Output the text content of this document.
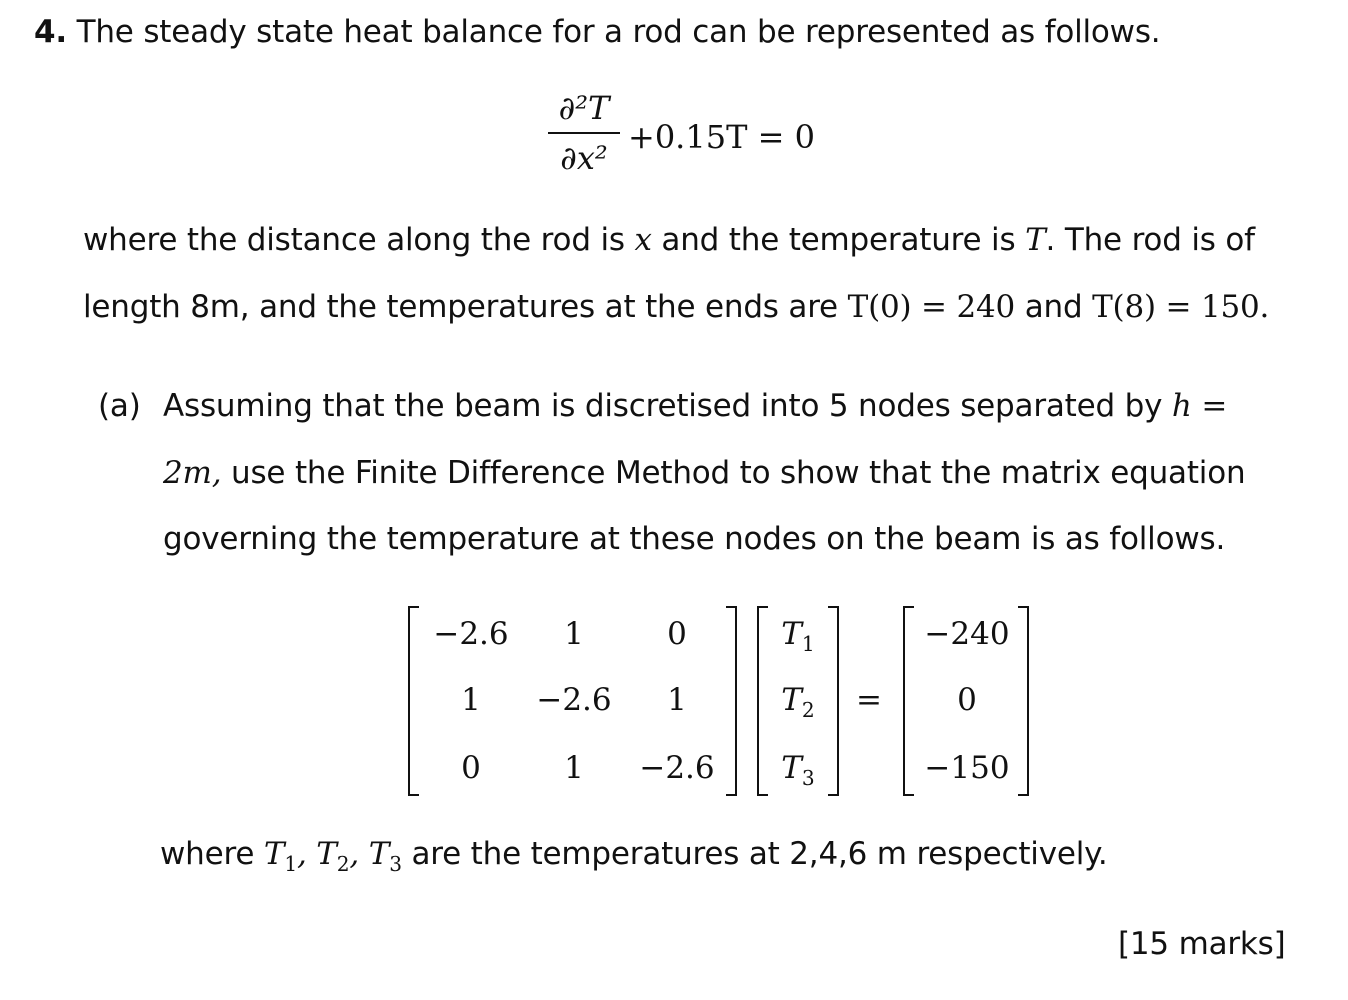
4. The steady state heat balance for a rod can be represented as follows.
∂²T
∂x²
+0.15T = 0
where the distance along the rod is x and the temperature is T. The rod is of
length 8m, and the temperatures at the ends are T(0) = 240 and T(8) = 150.
(a) Assuming that the beam is discretised into 5 nodes separated by h =
2m, use the Finite Difference Method to show that the matrix equation
governing the temperature at these nodes on the beam is as follows.
−2.6	1	0
1	−2.6	1
0	1	−2.6
$T_1$
$T_2$
$T_3$
=
−240
0
−150
where $T_1$, $T_2$, $T_3$ are the temperatures at 2,4,6 m respectively.
[15 marks]
